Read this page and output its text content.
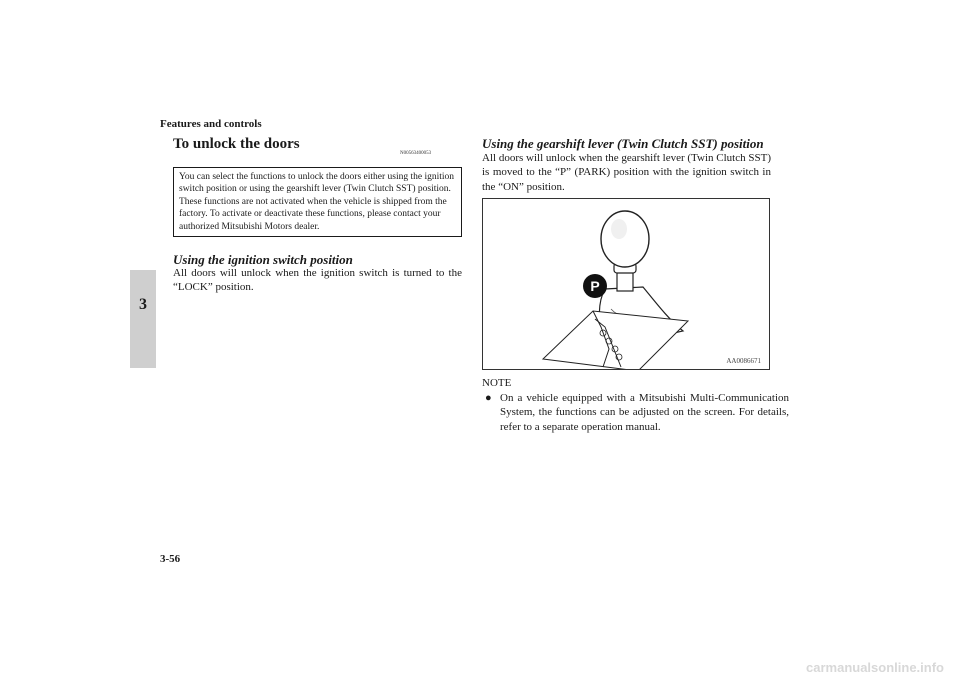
Features and controls
3
To unlock the doors
N00563400053
You can select the functions to unlock the doors either using the ignition switch position or using the gearshift lever (Twin Clutch SST) position.
These functions are not activated when the vehicle is shipped from the factory. To activate or deactivate these functions, please contact your authorized Mitsubishi Motors dealer.
Using the ignition switch position
All doors will unlock when the ignition switch is turned to the “LOCK” position.
Using the gearshift lever (Twin Clutch SST) position
All doors will unlock when the gearshift lever (Twin Clutch SST) is moved to the “P” (PARK) position with the ignition switch in the “ON” position.
P
AA0086671
NOTE
● On a vehicle equipped with a Mitsubishi Multi-Communication System, the functions can be adjusted on the screen. For details, refer to a separate operation manual.
3-56
carmanualsonline.info
